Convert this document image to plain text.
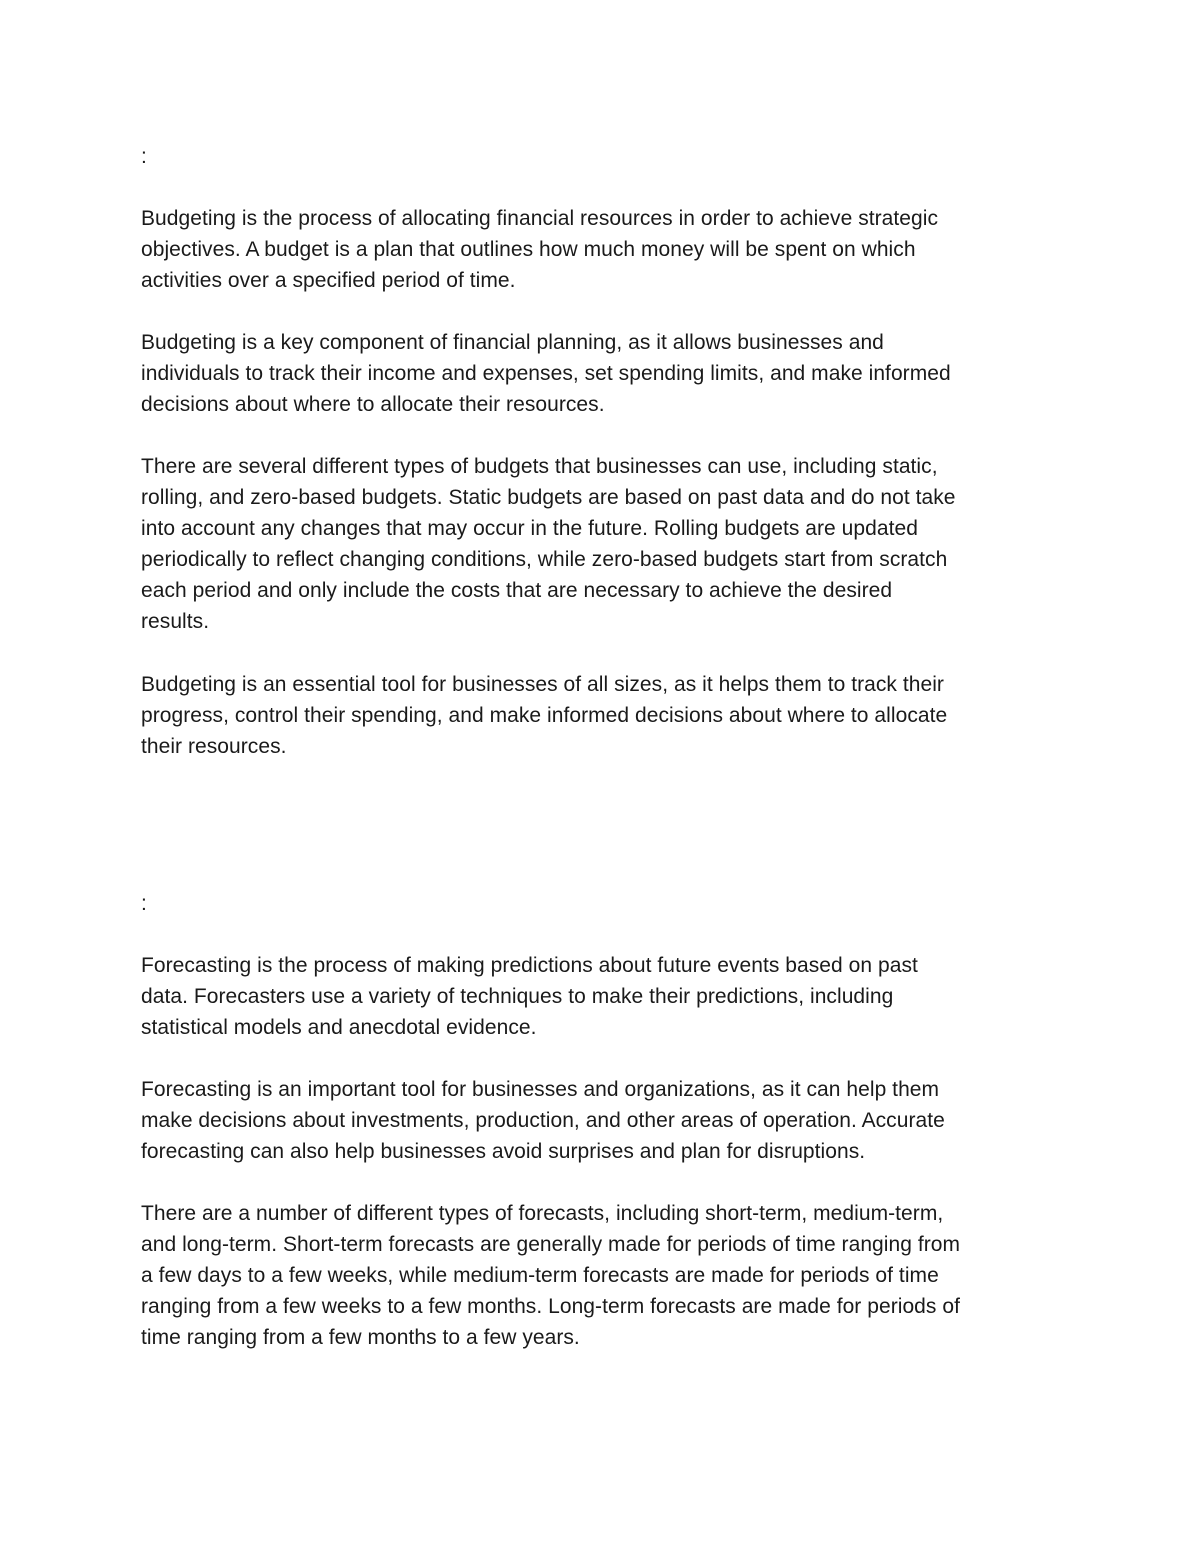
:

Budgeting is the process of allocating financial resources in order to achieve strategic
objectives. A budget is a plan that outlines how much money will be spent on which
activities over a specified period of time.

Budgeting is a key component of financial planning, as it allows businesses and
individuals to track their income and expenses, set spending limits, and make informed
decisions about where to allocate their resources.

There are several different types of budgets that businesses can use, including static,
rolling, and zero-based budgets. Static budgets are based on past data and do not take
into account any changes that may occur in the future. Rolling budgets are updated
periodically to reflect changing conditions, while zero-based budgets start from scratch
each period and only include the costs that are necessary to achieve the desired
results.

Budgeting is an essential tool for businesses of all sizes, as it helps them to track their
progress, control their spending, and make informed decisions about where to allocate
their resources.

:

Forecasting is the process of making predictions about future events based on past
data. Forecasters use a variety of techniques to make their predictions, including
statistical models and anecdotal evidence.

Forecasting is an important tool for businesses and organizations, as it can help them
make decisions about investments, production, and other areas of operation. Accurate
forecasting can also help businesses avoid surprises and plan for disruptions.

There are a number of different types of forecasts, including short-term, medium-term,
and long-term. Short-term forecasts are generally made for periods of time ranging from
a few days to a few weeks, while medium-term forecasts are made for periods of time
ranging from a few weeks to a few months. Long-term forecasts are made for periods of
time ranging from a few months to a few years.
